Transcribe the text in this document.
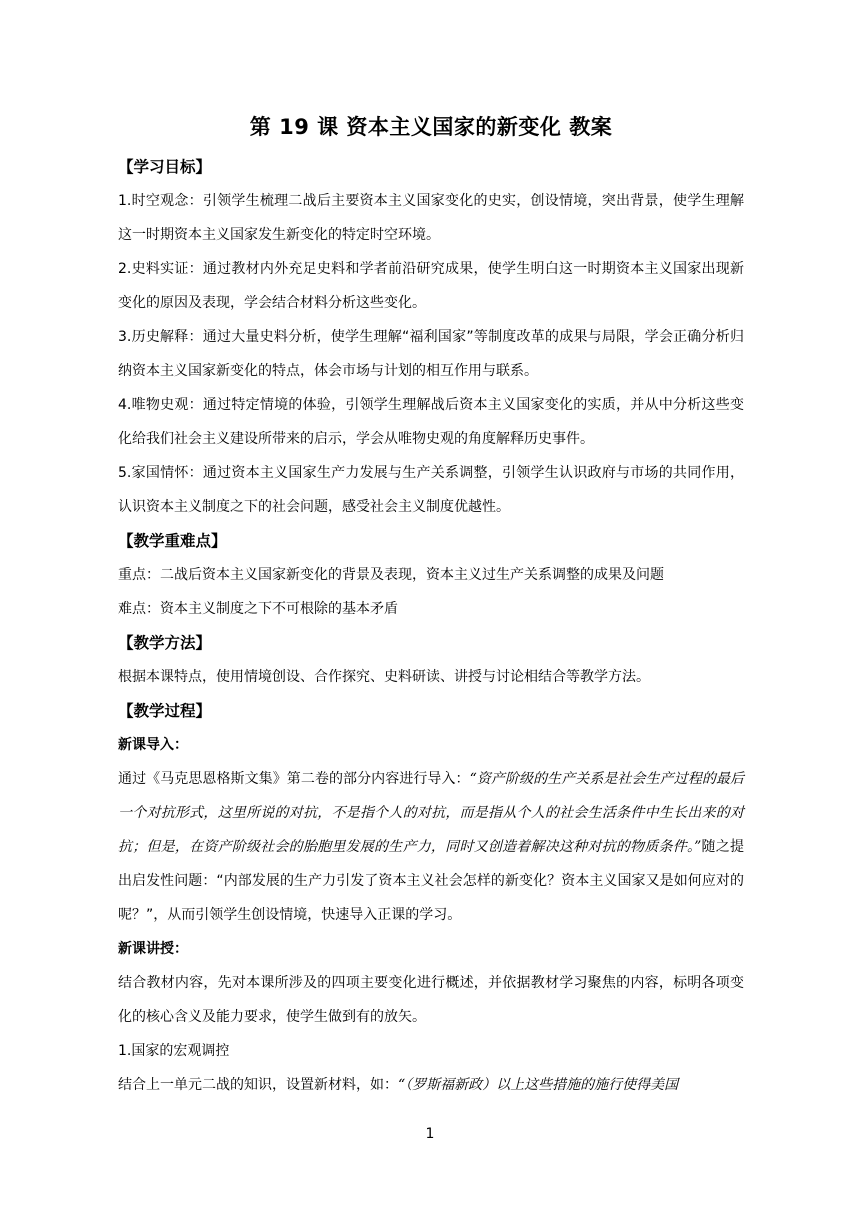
第 19 课 资本主义国家的新变化 教案

【学习目标】

1.时空观念：引领学生梳理二战后主要资本主义国家变化的史实，创设情境，突出背景，使学生理解这一时期资本主义国家发生新变化的特定时空环境。

2.史料实证：通过教材内外充足史料和学者前沿研究成果，使学生明白这一时期资本主义国家出现新变化的原因及表现，学会结合材料分析这些变化。

3.历史解释：通过大量史料分析，使学生理解“福利国家”等制度改革的成果与局限，学会正确分析归纳资本主义国家新变化的特点，体会市场与计划的相互作用与联系。

4.唯物史观：通过特定情境的体验，引领学生理解战后资本主义国家变化的实质，并从中分析这些变化给我们社会主义建设所带来的启示，学会从唯物史观的角度解释历史事件。

5.家国情怀：通过资本主义国家生产力发展与生产关系调整，引领学生认识政府与市场的共同作用，认识资本主义制度之下的社会问题，感受社会主义制度优越性。

【教学重难点】

重点：二战后资本主义国家新变化的背景及表现，资本主义过生产关系调整的成果及问题

难点：资本主义制度之下不可根除的基本矛盾

【教学方法】

根据本课特点，使用情境创设、合作探究、史料研读、讲授与讨论相结合等教学方法。

【教学过程】

新课导入：

通过《马克思恩格斯文集》第二卷的部分内容进行导入：“资产阶级的生产关系是社会生产过程的最后一个对抗形式，这里所说的对抗，不是指个人的对抗，而是指从个人的社会生活条件中生长出来的对抗；但是，在资产阶级社会的胎胞里发展的生产力，同时又创造着解决这种对抗的物质条件。”随之提出启发性问题：“内部发展的生产力引发了资本主义社会怎样的新变化？资本主义国家又是如何应对的呢？”，从而引领学生创设情境，快速导入正课的学习。

新课讲授：

结合教材内容，先对本课所涉及的四项主要变化进行概述，并依据教材学习聚焦的内容，标明各项变化的核心含义及能力要求，使学生做到有的放矢。

1.国家的宏观调控

结合上一单元二战的知识，设置新材料，如：“（罗斯福新政）以上这些措施的施行使得美国

1
